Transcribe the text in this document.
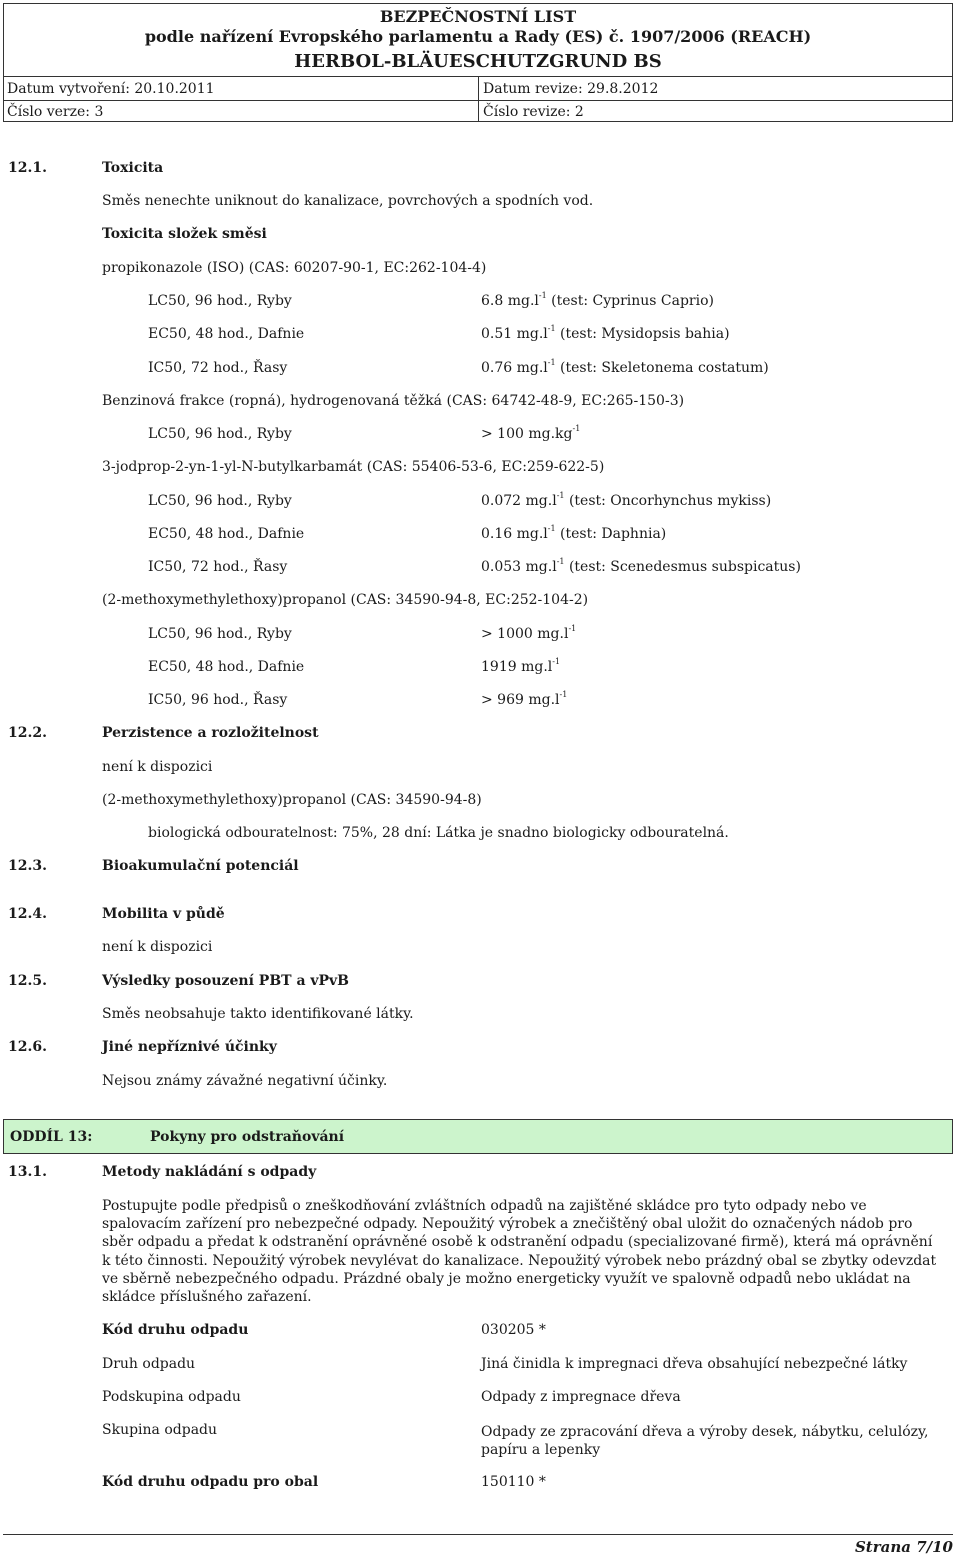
BEZPEČNOSTNÍ LIST
podle nařízení Evropského parlamentu a Rady (ES) č. 1907/2006 (REACH)
HERBOL-BLÄUESCHUTZGRUND BS
Datum vytvoření: 20.10.2011	Datum revize: 29.8.2012
Číslo verze: 3	Číslo revize: 2
12.1.	Toxicita
Směs nenechte uniknout do kanalizace, povrchových a spodních vod.
Toxicita složek směsi
propikonazole (ISO) (CAS: 60207-90-1, EC:262-104-4)
LC50, 96 hod., Ryby	6.8 $mg.l^{-1}$ (test: Cyprinus Caprio)
EC50, 48 hod., Dafnie	0.51 $mg.l^{-1}$ (test: Mysidopsis bahia)
IC50, 72 hod., Řasy	0.76 $mg.l^{-1}$ (test: Skeletonema costatum)
Benzinová frakce (ropná), hydrogenovaná těžká (CAS: 64742-48-9, EC:265-150-3)
LC50, 96 hod., Ryby	> 100 $mg.kg^{-1}$
3-jodprop-2-yn-1-yl-N-butylkarbamát (CAS: 55406-53-6, EC:259-622-5)
LC50, 96 hod., Ryby	0.072 $mg.l^{-1}$ (test: Oncorhynchus mykiss)
EC50, 48 hod., Dafnie	0.16 $mg.l^{-1}$ (test: Daphnia)
IC50, 72 hod., Řasy	0.053 $mg.l^{-1}$ (test: Scenedesmus subspicatus)
(2-methoxymethylethoxy)propanol (CAS: 34590-94-8, EC:252-104-2)
LC50, 96 hod., Ryby	> 1000 $mg.l^{-1}$
EC50, 48 hod., Dafnie	1919 $mg.l^{-1}$
IC50, 96 hod., Řasy	> 969 $mg.l^{-1}$
12.2.	Perzistence a rozložitelnost
není k dispozici
(2-methoxymethylethoxy)propanol (CAS: 34590-94-8)
biologická odbouratelnost: 75%, 28 dní: Látka je snadno biologicky odbouratelná.
12.3.	Bioakumulační potenciál
12.4.	Mobilita v půdě
není k dispozici
12.5.	Výsledky posouzení PBT a vPvB
Směs neobsahuje takto identifikované látky.
12.6.	Jiné nepříznivé účinky
Nejsou známy závažné negativní účinky.
ODDÍL 13:	Pokyny pro odstraňování
13.1.	Metody nakládání s odpady
Postupujte podle předpisů o zneškodňování zvláštních odpadů na zajištěné skládce pro tyto odpady nebo ve spalovacím zařízení pro nebezpečné odpady. Nepoužitý výrobek a znečištěný obal uložit do označených nádob pro sběr odpadu a předat k odstranění oprávněné osobě k odstranění odpadu (specializované firmě), která má oprávnění k této činnosti. Nepoužitý výrobek nevylévat do kanalizace. Nepoužitý výrobek nebo prázdný obal se zbytky odevzdat ve sběrně nebezpečného odpadu. Prázdné obaly je možno energeticky využít ve spalovně odpadů nebo ukládat na skládce příslušného zařazení.
Kód druhu odpadu	030205 *
Druh odpadu	Jiná činidla k impregnaci dřeva obsahující nebezpečné látky
Podskupina odpadu	Odpady z impregnace dřeva
Skupina odpadu	Odpady ze zpracování dřeva a výroby desek, nábytku, celulózy, papíru a lepenky
Kód druhu odpadu pro obal	150110 *
Strana 7/10
